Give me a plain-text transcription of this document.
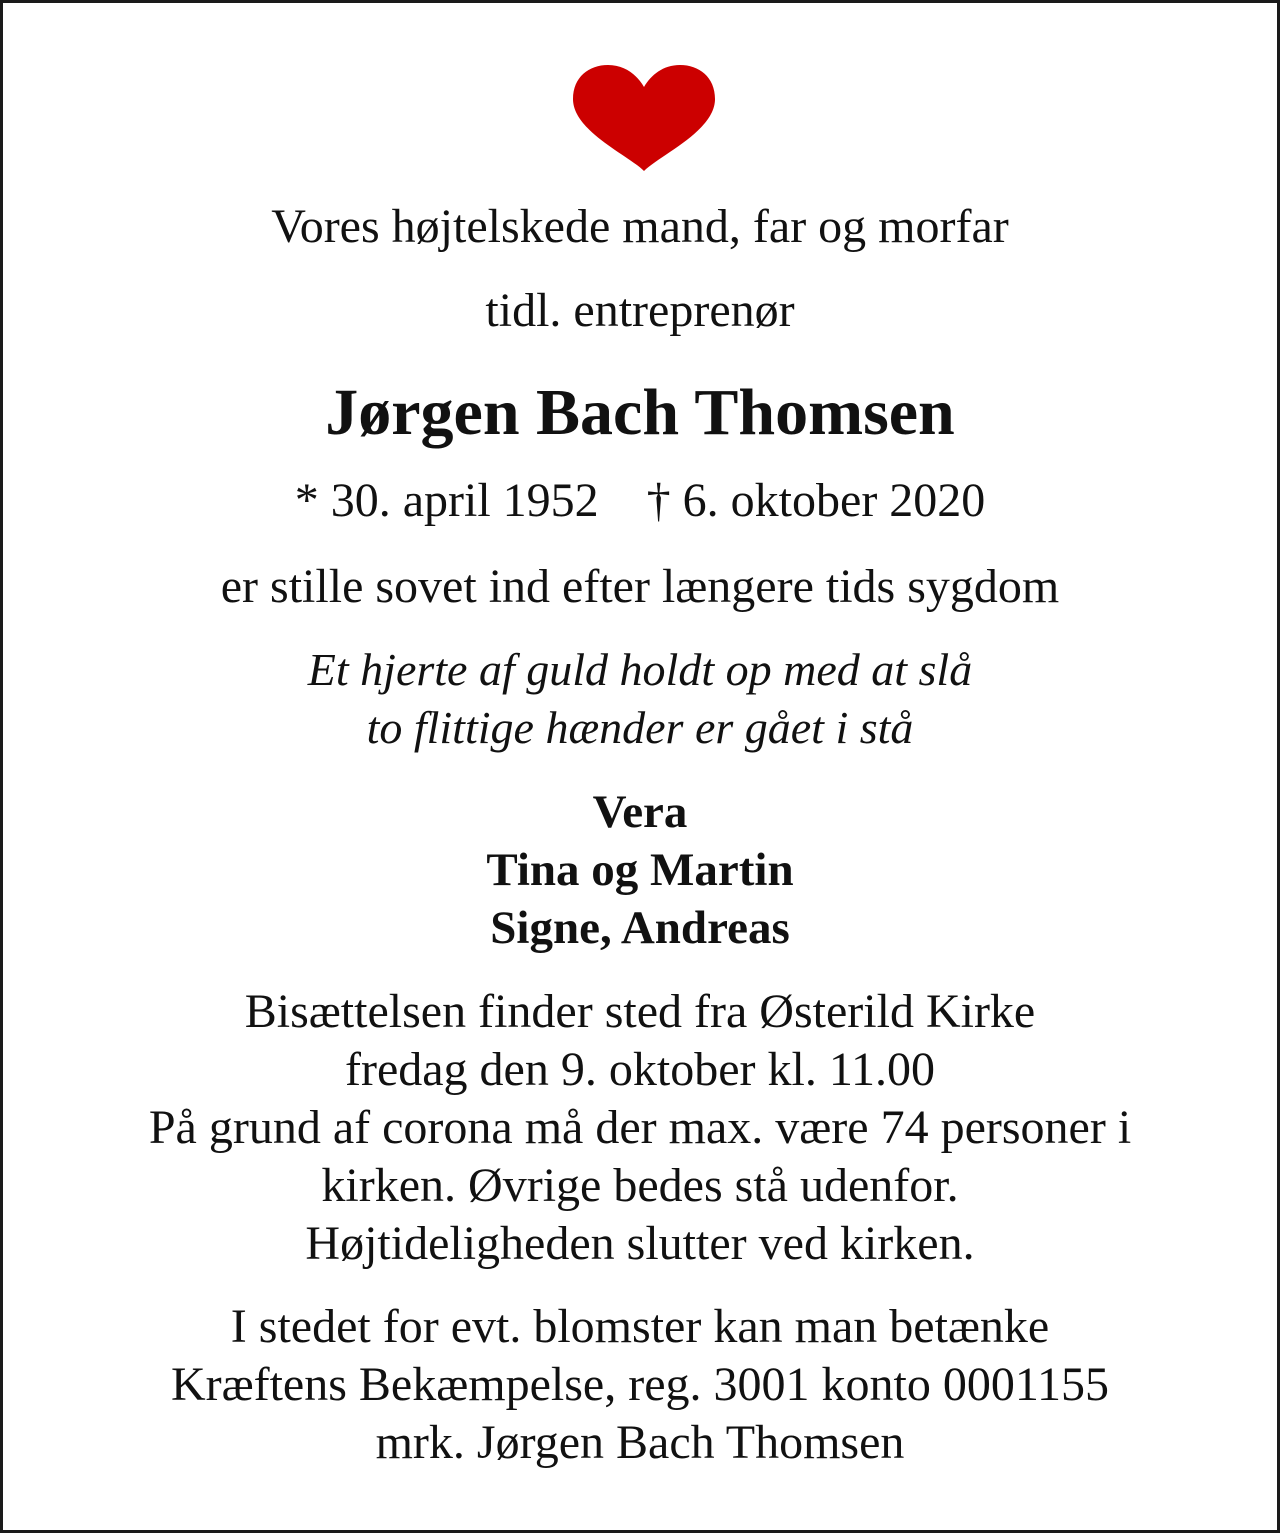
Vores højtelskede mand, far og morfar
tidl. entreprenør
Jørgen Bach Thomsen
* 30. april 1952 † 6. oktober 2020
er stille sovet ind efter længere tids sygdom
Et hjerte af guld holdt op med at slå
to flittige hænder er gået i stå
Vera
Tina og Martin
Signe, Andreas
Bisættelsen finder sted fra Østerild Kirke
fredag den 9. oktober kl. 11.00
På grund af corona må der max. være 74 personer i
kirken. Øvrige bedes stå udenfor.
Højtideligheden slutter ved kirken.
I stedet for evt. blomster kan man betænke
Kræftens Bekæmpelse, reg. 3001 konto 0001155
mrk. Jørgen Bach Thomsen
